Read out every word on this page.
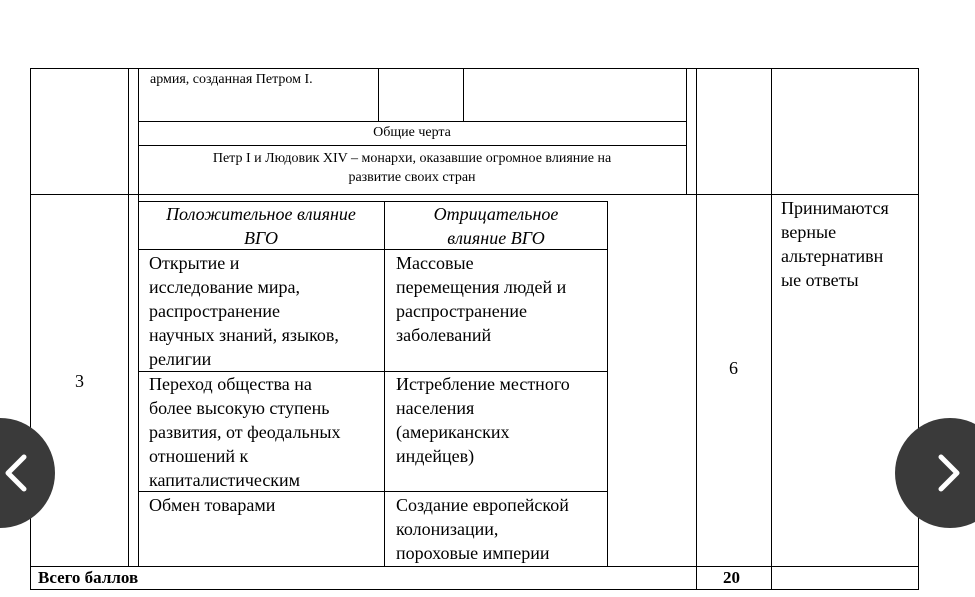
армия, созданная Петром I.
Общие черта
Петр I и Людовик XIV – монархи, оказавшие огромное влияние на
развитие своих стран
3
6
Принимаются
верные
альтернативн
ые ответы
Положительное влияние
ВГО
Отрицательное
влияние ВГО
Открытие и
исследование мира,
распространение
научных знаний, языков,
религии
Массовые
перемещения людей и
распространение
заболеваний
Переход общества на
более высокую ступень
развития, от феодальных
отношений к
капиталистическим
Истребление местного
населения
(американских
индейцев)
Обмен товарами	Создание европейской
колонизации,
пороховые империи
Всего баллов	20
